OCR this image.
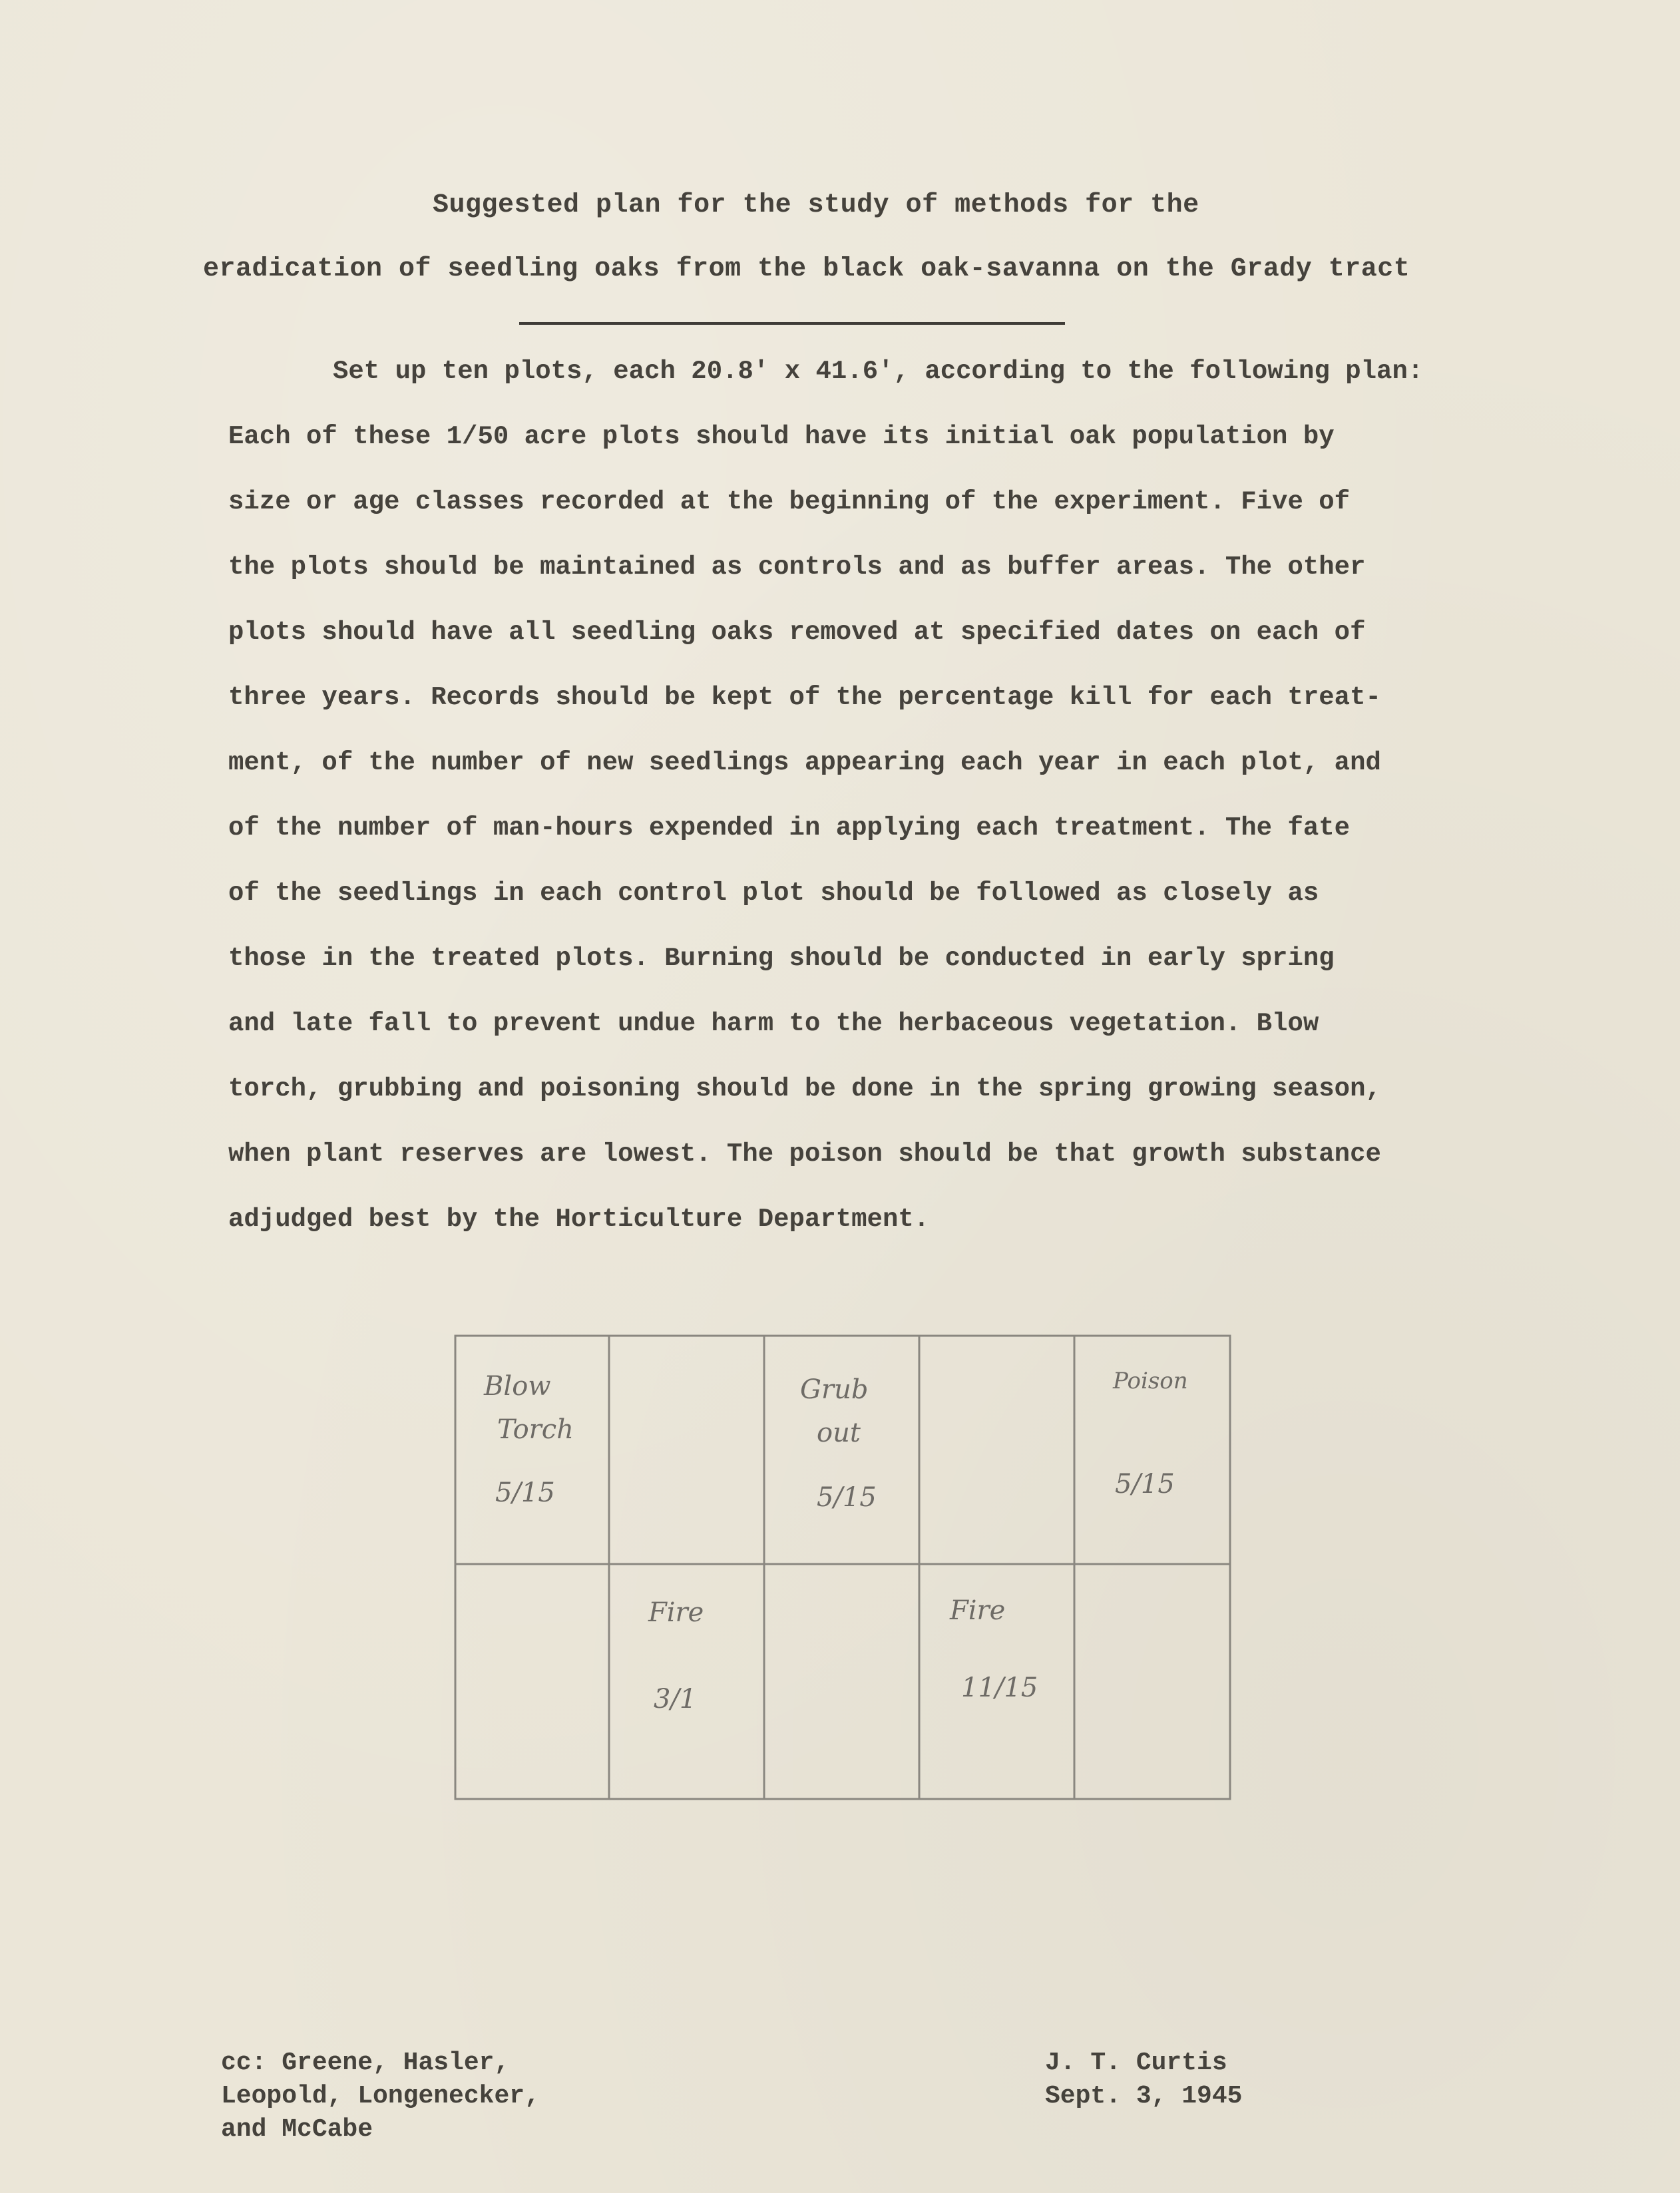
Suggested plan for the study of methods for the
eradication of seedling oaks from the black oak-savanna on the Grady tract
Set up ten plots, each 20.8' x 41.6', according to the following plan:
Each of these 1/50 acre plots should have its initial oak population by
size or age classes recorded at the beginning of the experiment. Five of
the plots should be maintained as controls and as buffer areas. The other
plots should have all seedling oaks removed at specified dates on each of
three years. Records should be kept of the percentage kill for each treat-
ment, of the number of new seedlings appearing each year in each plot, and
of the number of man-hours expended in applying each treatment. The fate
of the seedlings in each control plot should be followed as closely as
those in the treated plots. Burning should be conducted in early spring
and late fall to prevent undue harm to the herbaceous vegetation. Blow
torch, grubbing and poisoning should be done in the spring growing season,
when plant reserves are lowest. The poison should be that growth substance
adjudged best by the Horticulture Department.
Blow
Torch
5/15
Grub
out
5/15
Poison
5/15
Fire
3/1
Fire
11/15
cc: Greene, Hasler,
Leopold, Longenecker,
and McCabe
J. T. Curtis
Sept. 3, 1945
